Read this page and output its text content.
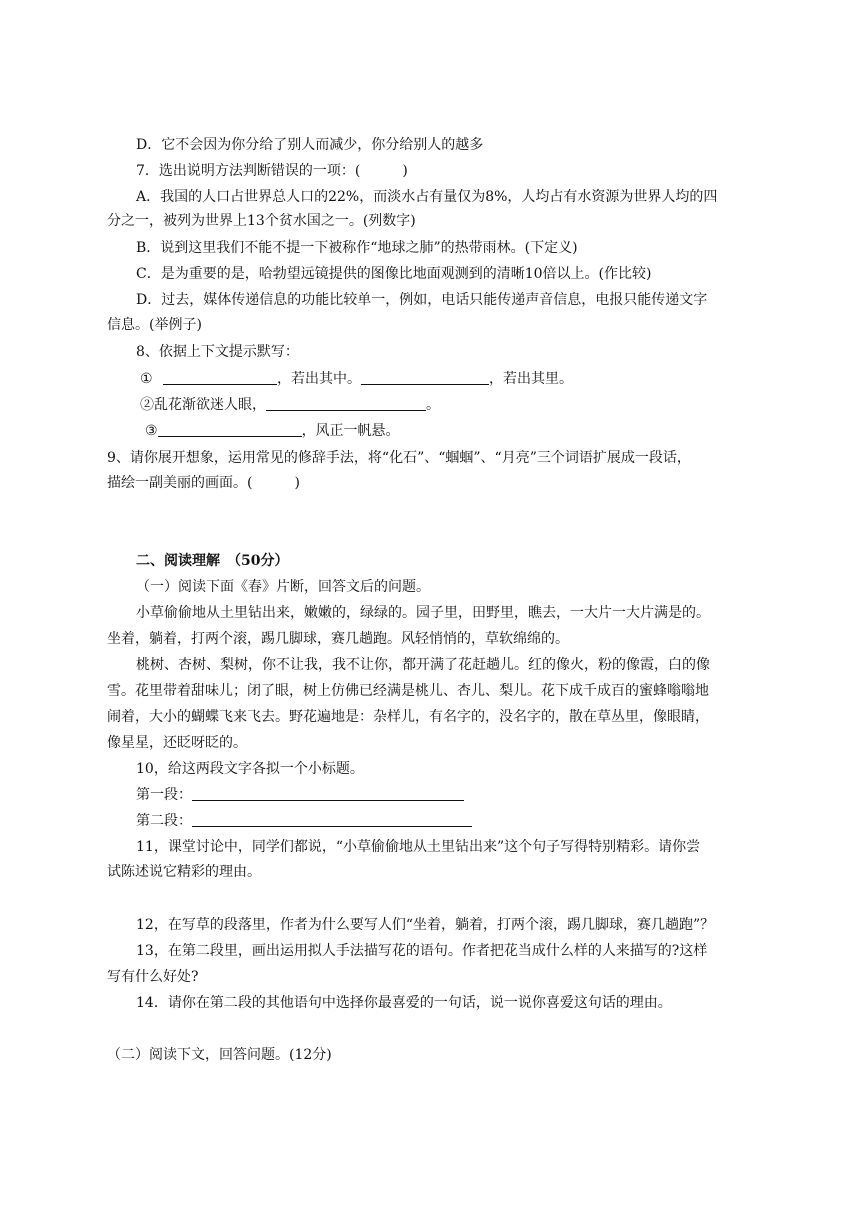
D．它不会因为你分给了别人而减少，你分给别人的越多
7．选出说明方法判断错误的一项：(　　　)
A．我国的人口占世界总人口的22%，而淡水占有量仅为8%，人均占有水资源为世界人均的四
分之一，被列为世界上13个贫水国之一。(列数字)
B．说到这里我们不能不提一下被称作“地球之肺”的热带雨林。(下定义)
C．是为重要的是，哈勃望远镜提供的图像比地面观测到的清晰10倍以上。(作比较)
D．过去，媒体传递信息的功能比较单一，例如，电话只能传递声音信息，电报只能传递文字
信息。(举例子)
8、依据上下文提示默写：
①	，若出其中。	，若出其里。
②乱花渐欲迷人眼，	。
③	，风正一帆悬。
9、请你展开想象，运用常见的修辞手法，将“化石”、“蝈蝈”、“月亮”三个词语扩展成一段话，
描绘一副美丽的画面。(　　　)
二、阅读理解　（50分）
（一）阅读下面《春》片断，回答文后的问题。
小草偷偷地从土里钻出来，嫩嫩的，绿绿的。园子里，田野里，瞧去，一大片一大片满是的。
坐着，躺着，打两个滚，踢几脚球，赛几趟跑。风轻悄悄的，草软绵绵的。
桃树、杏树、梨树，你不让我，我不让你，都开满了花赶趟儿。红的像火，粉的像霞，白的像
雪。花里带着甜味儿；闭了眼，树上仿佛已经满是桃儿、杏儿、梨儿。花下成千成百的蜜蜂嗡嗡地
闹着，大小的蝴蝶飞来飞去。野花遍地是：杂样儿，有名字的，没名字的，散在草丛里，像眼睛，
像星星，还眨呀眨的。
10，给这两段文字各拟一个小标题。
第一段：
第二段：
11，课堂讨论中，同学们都说，“小草偷偷地从土里钻出来”这个句子写得特别精彩。请你尝
试陈述说它精彩的理由。
12，在写草的段落里，作者为什么要写人们“坐着，躺着，打两个滚，踢几脚球，赛几趟跑”？
13，在第二段里，画出运用拟人手法描写花的语句。作者把花当成什么样的人来描写的?这样
写有什么好处?
14．请你在第二段的其他语句中选择你最喜爱的一句话，说一说你喜爱这句话的理由。
（二）阅读下文，回答问题。(12分)
